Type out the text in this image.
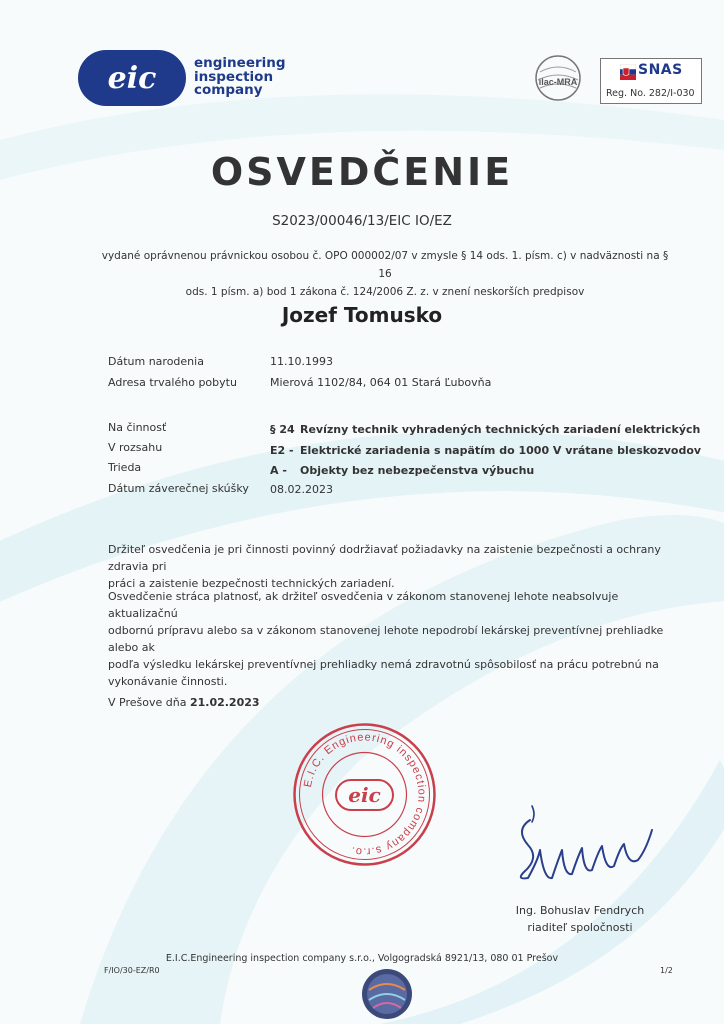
eic	engineering
inspection
company	ilac-MRA
SNAS
Reg. No. 282/I-030
OSVEDČENIE
S2023/00046/13/EIC IO/EZ
vydané oprávnenou právnickou osobou č. OPO 000002/07 v zmysle § 14 ods. 1. písm. c) v nadväznosti na § 16
ods. 1 písm. a) bod 1 zákona č. 124/2006 Z. z. v znení neskorších predpisov
Jozef Tomusko
Dátum narodenia	11.10.1993
Adresa trvalého pobytu	Mierová 1102/84, 064 01 Stará Ľubovňa
Na činnosť	§ 24 Revízny technik vyhradených technických zariadení elektrických
V rozsahu	E2 - Elektrické zariadenia s napätím do 1000 V vrátane bleskozvodov
Trieda	A -	Objekty bez nebezpečenstva výbuchu
Dátum záverečnej skúšky 08.02.2023
Držiteľ osvedčenia je pri činnosti povinný dodržiavať požiadavky na zaistenie bezpečnosti a ochrany zdravia pri
práci a zaistenie bezpečnosti technických zariadení.
Osvedčenie stráca platnosť, ak držiteľ osvedčenia v zákonom stanovenej lehote neabsolvuje aktualizačnú
odbornú prípravu alebo sa v zákonom stanovenej lehote nepodrobí lekárskej preventívnej prehliadke alebo ak
podľa výsledku lekárskej preventívnej prehliadky nemá zdravotnú spôsobilosť na prácu potrebnú na
vykonávanie činnosti.
V Prešove dňa 21.02.2023
E.I.C. Engineering inspection company s.r.o.
eic
Ing. Bohuslav Fendrych
riaditeľ spoločnosti
E.I.C.Engineering inspection company s.r.o., Volgogradská 8921/13, 080 01 Prešov
F/IO/30-EZ/R0	1/2
